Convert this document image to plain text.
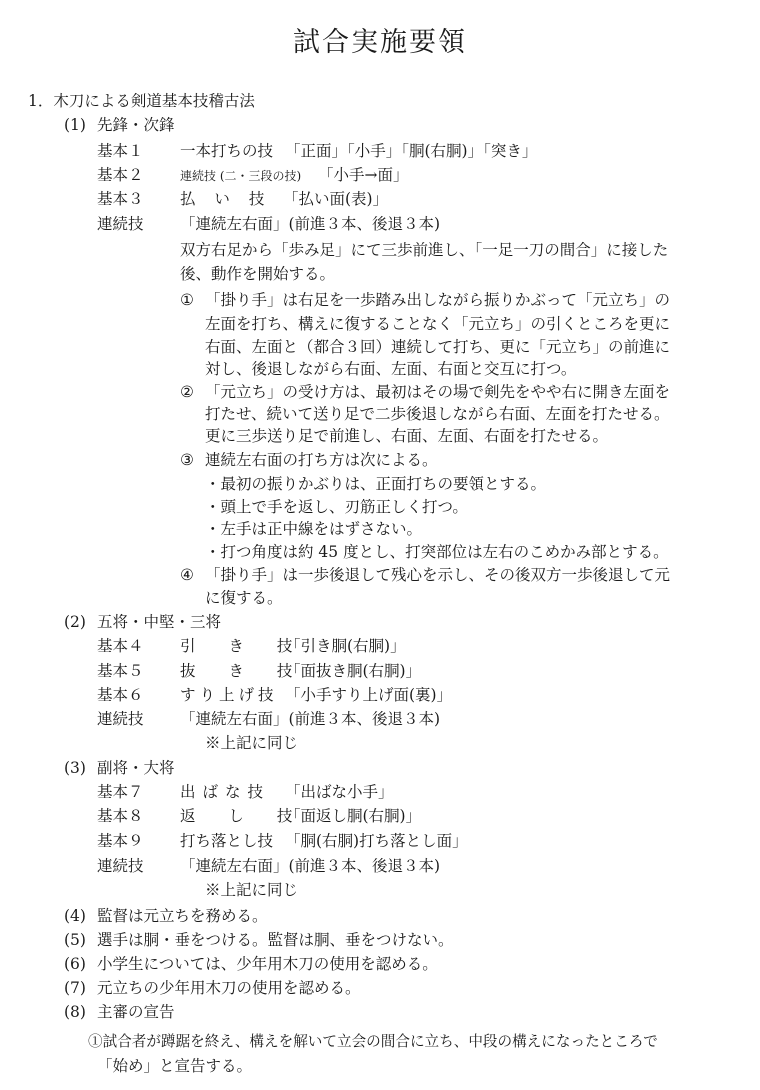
試合実施要領
1．木刀による剣道基本技稽古法
(1) 先鋒・次鋒
基本１ 一本打ちの技 「正面」「小手」「胴(右胴)」「突き」
基本２	連続技 (二・三段の技) 「小手→面」
基本３ 払 い 技 「払い面(表)」
連続技 「連続左右面」(前進３本、後退３本)
双方右足から「歩み足」にて三歩前進し、「一足一刀の間合」に接した
後、動作を開始する。
① 「掛り手」は右足を一歩踏み出しながら振りかぶって「元立ち」の
左面を打ち、構えに復することなく「元立ち」の引くところを更に
右面、左面と（都合３回）連続して打ち、更に「元立ち」の前進に
対し、後退しながら右面、左面、右面と交互に打つ。
② 「元立ち」の受け方は、最初はその場で剣先をやや右に開き左面を
打たせ、続いて送り足で二歩後退しながら右面、左面を打たせる。
更に三歩送り足で前進し、右面、左面、右面を打たせる。
③ 連続左右面の打ち方は次による。
・最初の振りかぶりは、正面打ちの要領とする。
・頭上で手を返し、刃筋正しく打つ。
・左手は正中線をはずさない。
・打つ角度は約 45 度とし、打突部位は左右のこめかみ部とする。
④ 「掛り手」は一歩後退して残心を示し、その後双方一歩後退して元
に復する。
(2) 五将・中堅・三将
基本４ 引 き 技
「引き胴(右胴)」
基本５ 抜 き 技
「面抜き胴(右胴)」
基本６ すり上げ技 「小手すり上げ面(裏)」
連続技 「連続左右面」(前進３本、後退３本)
※上記に同じ
(3) 副将・大将
基本７ 出ばな技 「出ばな小手」
基本８ 返 し 技
「面返し胴(右胴)」
基本９ 打ち落とし技 「胴(右胴)打ち落とし面」
連続技 「連続左右面」(前進３本、後退３本)
※上記に同じ
(4) 監督は元立ちを務める。
(5) 選手は胴・垂をつける。監督は胴、垂をつけない。
(6) 小学生については、少年用木刀の使用を認める。
(7) 元立ちの少年用木刀の使用を認める。
(8) 主審の宣告
①試合者が蹲踞を終え、構えを解いて立会の間合に立ち、中段の構えになったところで
「始め」と宣告する。
